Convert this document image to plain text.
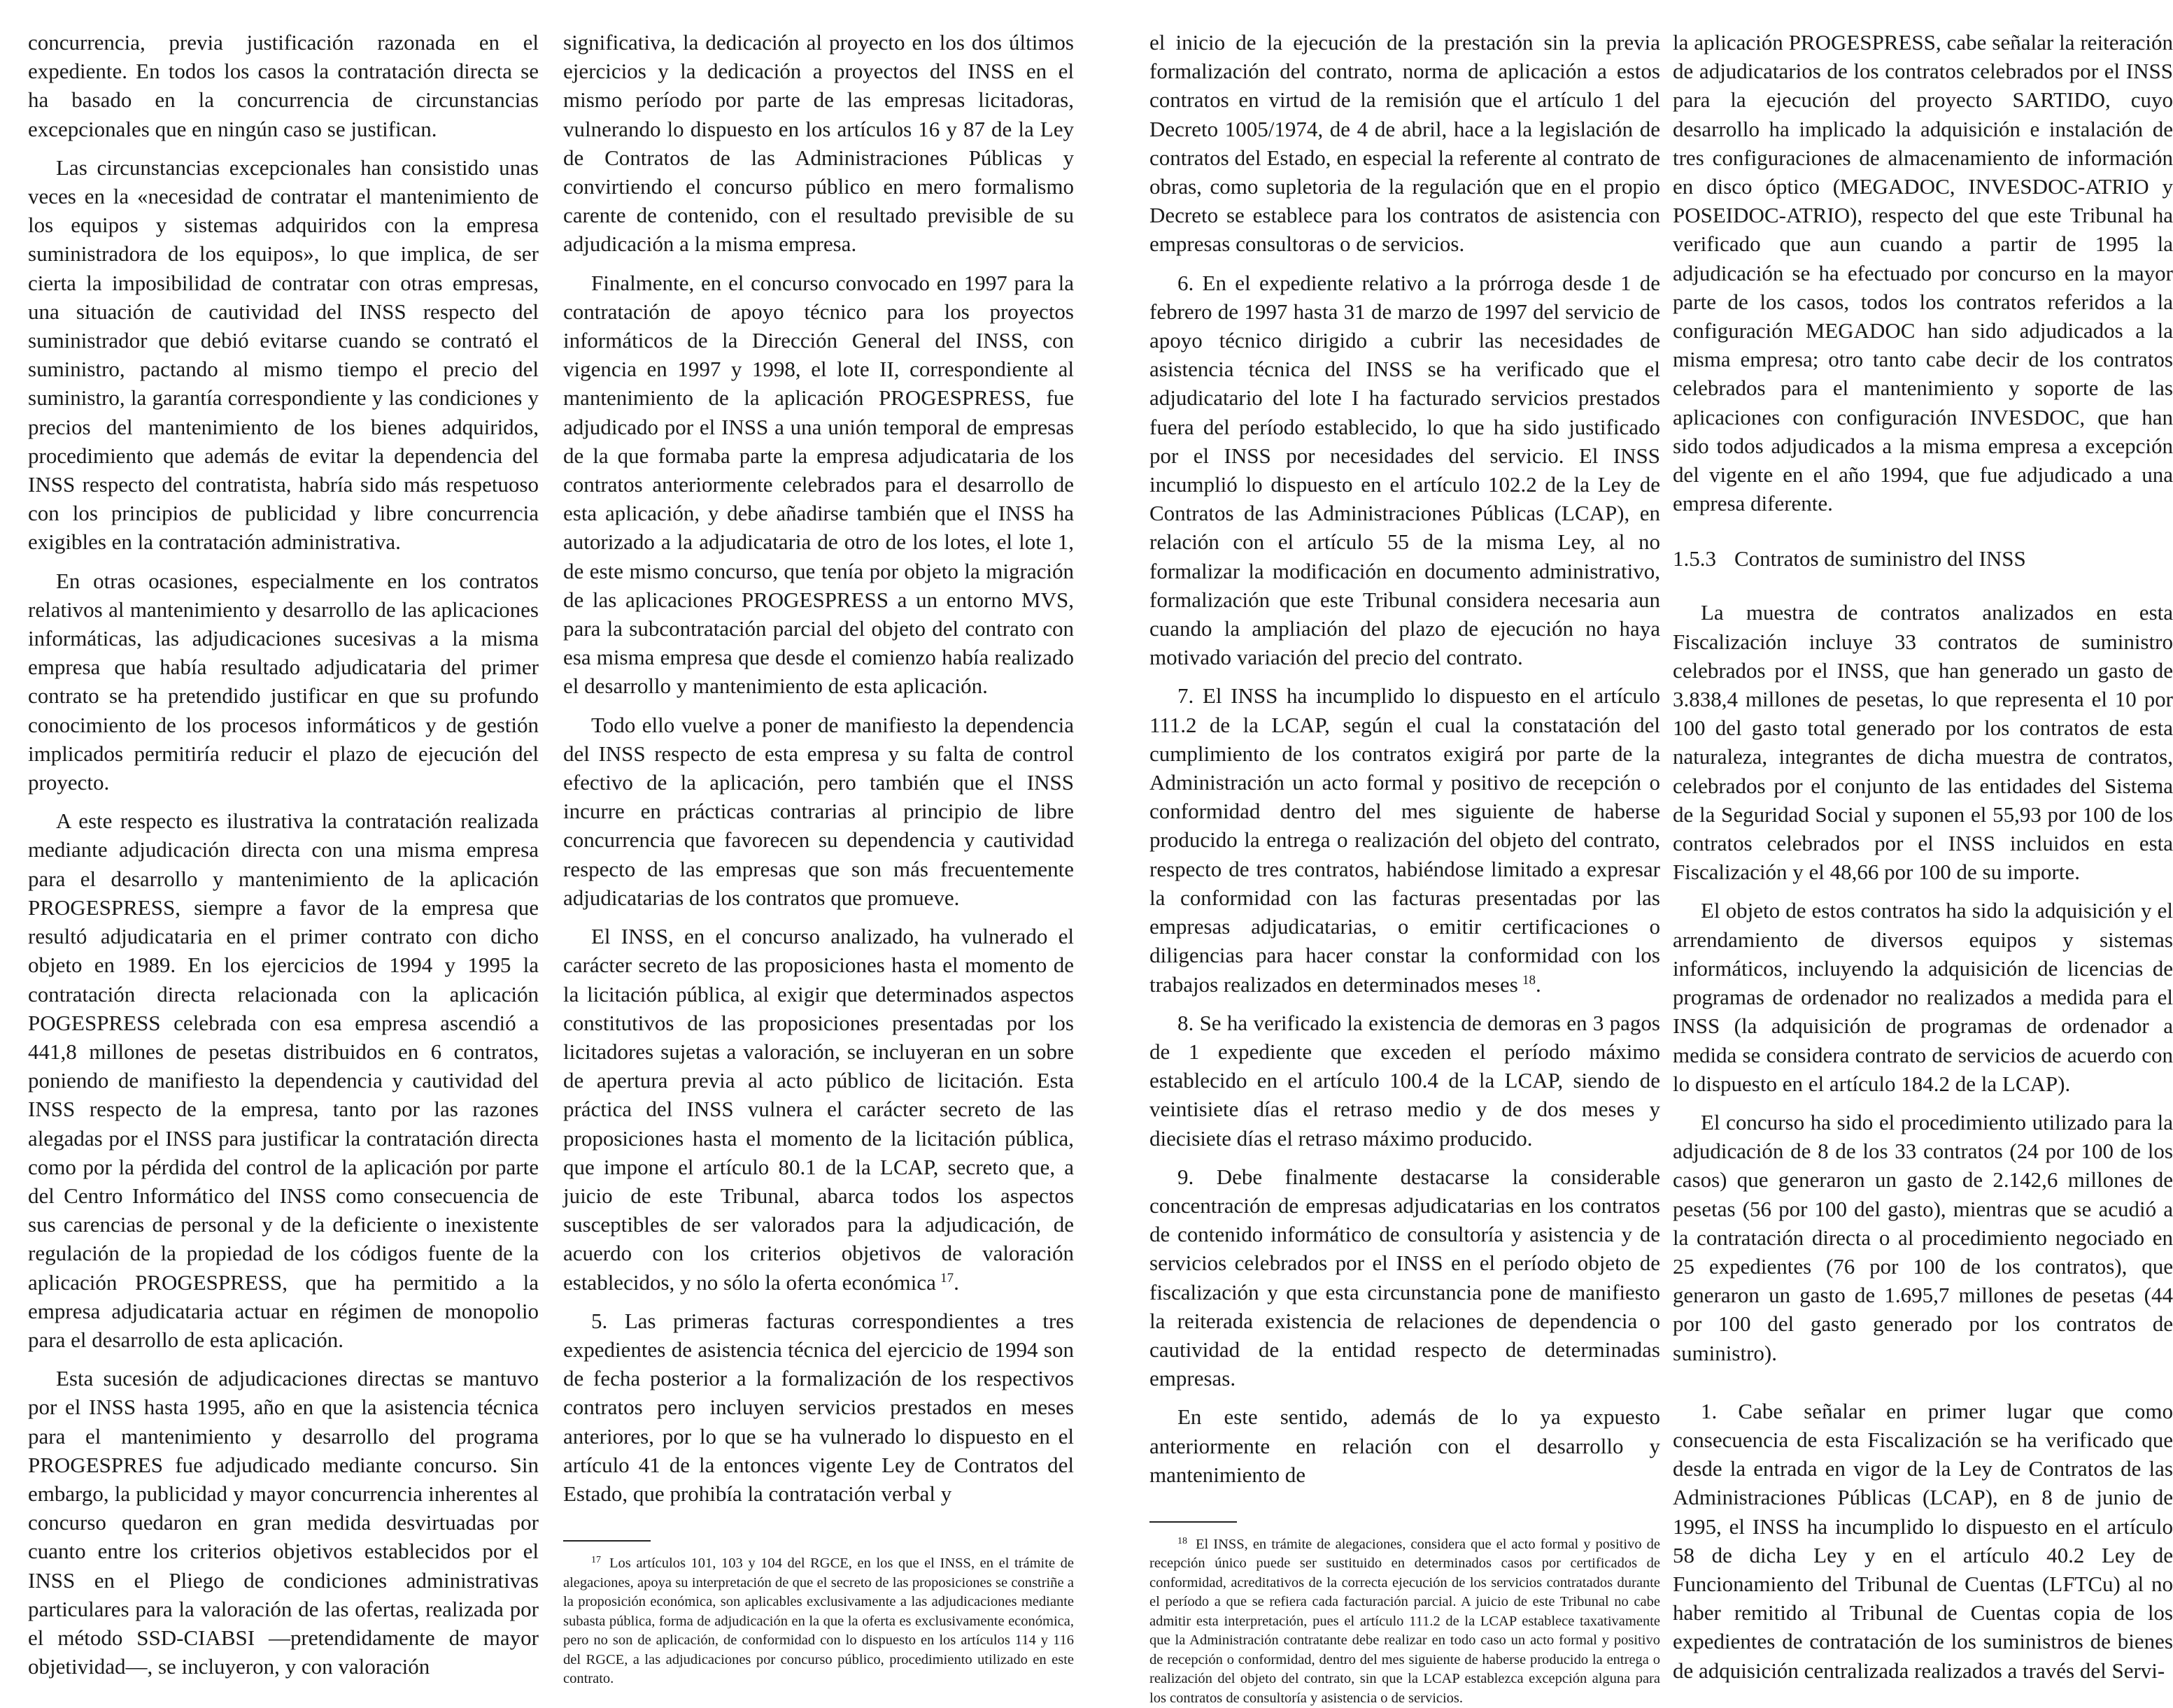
concurrencia, previa justificación razonada en el expediente. En todos los casos la contratación directa se ha basado en la concurrencia de circunstancias excepcionales que en ningún caso se justifican.

Las circunstancias excepcionales han consistido unas veces en la «necesidad de contratar el mantenimiento de los equipos y sistemas adquiridos con la empresa suministradora de los equipos», lo que implica, de ser cierta la imposibilidad de contratar con otras empresas, una situación de cautividad del INSS respecto del suministrador que debió evitarse cuando se contrató el suministro, pactando al mismo tiempo el precio del suministro, la garantía correspondiente y las condiciones y precios del mantenimiento de los bienes adquiridos, procedimiento que además de evitar la dependencia del INSS respecto del contratista, habría sido más respetuoso con los principios de publicidad y libre concurrencia exigibles en la contratación administrativa.

En otras ocasiones, especialmente en los contratos relativos al mantenimiento y desarrollo de las aplicaciones informáticas, las adjudicaciones sucesivas a la misma empresa que había resultado adjudicataria del primer contrato se ha pretendido justificar en que su profundo conocimiento de los procesos informáticos y de gestión implicados permitiría reducir el plazo de ejecución del proyecto.

A este respecto es ilustrativa la contratación realizada mediante adjudicación directa con una misma empresa para el desarrollo y mantenimiento de la aplicación PROGESPRESS, siempre a favor de la empresa que resultó adjudicataria en el primer contrato con dicho objeto en 1989. En los ejercicios de 1994 y 1995 la contratación directa relacionada con la aplicación POGESPRESS celebrada con esa empresa ascendió a 441,8 millones de pesetas distribuidos en 6 contratos, poniendo de manifiesto la dependencia y cautividad del INSS respecto de la empresa, tanto por las razones alegadas por el INSS para justificar la contratación directa como por la pérdida del control de la aplicación por parte del Centro Informático del INSS como consecuencia de sus carencias de personal y de la deficiente o inexistente regulación de la propiedad de los códigos fuente de la aplicación PROGESPRESS, que ha permitido a la empresa adjudicataria actuar en régimen de monopolio para el desarrollo de esta aplicación.

Esta sucesión de adjudicaciones directas se mantuvo por el INSS hasta 1995, año en que la asistencia técnica para el mantenimiento y desarrollo del programa PROGESPRES fue adjudicado mediante concurso. Sin embargo, la publicidad y mayor concurrencia inherentes al concurso quedaron en gran medida desvirtuadas por cuanto entre los criterios objetivos establecidos por el INSS en el Pliego de condiciones administrativas particulares para la valoración de las ofertas, realizada por el método SSD-CIABSI —pretendidamente de mayor objetividad—, se incluyeron, y con valoración

significativa, la dedicación al proyecto en los dos últimos ejercicios y la dedicación a proyectos del INSS en el mismo período por parte de las empresas licitadoras, vulnerando lo dispuesto en los artículos 16 y 87 de la Ley de Contratos de las Administraciones Públicas y convirtiendo el concurso público en mero formalismo carente de contenido, con el resultado previsible de su adjudicación a la misma empresa.

Finalmente, en el concurso convocado en 1997 para la contratación de apoyo técnico para los proyectos informáticos de la Dirección General del INSS, con vigencia en 1997 y 1998, el lote II, correspondiente al mantenimiento de la aplicación PROGESPRESS, fue adjudicado por el INSS a una unión temporal de empresas de la que formaba parte la empresa adjudicataria de los contratos anteriormente celebrados para el desarrollo de esta aplicación, y debe añadirse también que el INSS ha autorizado a la adjudicataria de otro de los lotes, el lote 1, de este mismo concurso, que tenía por objeto la migración de las aplicaciones PROGESPRESS a un entorno MVS, para la subcontratación parcial del objeto del contrato con esa misma empresa que desde el comienzo había realizado el desarrollo y mantenimiento de esta aplicación.

Todo ello vuelve a poner de manifiesto la dependencia del INSS respecto de esta empresa y su falta de control efectivo de la aplicación, pero también que el INSS incurre en prácticas contrarias al principio de libre concurrencia que favorecen su dependencia y cautividad respecto de las empresas que son más frecuentemente adjudicatarias de los contratos que promueve.

El INSS, en el concurso analizado, ha vulnerado el carácter secreto de las proposiciones hasta el momento de la licitación pública, al exigir que determinados aspectos constitutivos de las proposiciones presentadas por los licitadores sujetas a valoración, se incluyeran en un sobre de apertura previa al acto público de licitación. Esta práctica del INSS vulnera el carácter secreto de las proposiciones hasta el momento de la licitación pública, que impone el artículo 80.1 de la LCAP, secreto que, a juicio de este Tribunal, abarca todos los aspectos susceptibles de ser valorados para la adjudicación, de acuerdo con los criterios objetivos de valoración establecidos, y no sólo la oferta económica  $^{17}$.

5. Las primeras facturas correspondientes a tres expedientes de asistencia técnica del ejercicio de 1994 son de fecha posterior a la formalización de los respectivos contratos pero incluyen servicios prestados en meses anteriores, por lo que se ha vulnerado lo dispuesto en el artículo 41 de la entonces vigente Ley de Contratos del Estado, que prohibía la contratación verbal y

$^{17}$ Los artículos 101, 103 y 104 del RGCE, en los que el INSS, en el trámite de alegaciones, apoya su interpretación de que el secreto de las proposiciones se constriñe a la proposición económica, son aplicables exclusivamente a las adjudicaciones mediante subasta pública, forma de adjudicación en la que la oferta es exclusivamente económica, pero no son de aplicación, de conformidad con lo dispuesto en los artículos 114 y 116 del RGCE, a las adjudicaciones por concurso público, procedimiento utilizado en este contrato.

el inicio de la ejecución de la prestación sin la previa formalización del contrato, norma de aplicación a estos contratos en virtud de la remisión que el artículo 1 del Decreto 1005/1974, de 4 de abril, hace a la legislación de contratos del Estado, en especial la referente al contrato de obras, como supletoria de la regulación que en el propio Decreto se establece para los contratos de asistencia con empresas consultoras o de servicios.

6. En el expediente relativo a la prórroga desde 1 de febrero de 1997 hasta 31 de marzo de 1997 del servicio de apoyo técnico dirigido a cubrir las necesidades de asistencia técnica del INSS se ha verificado que el adjudicatario del lote I ha facturado servicios prestados fuera del período establecido, lo que ha sido justificado por el INSS por necesidades del servicio. El INSS incumplió lo dispuesto en el artículo 102.2 de la Ley de Contratos de las Administraciones Públicas (LCAP), en relación con el artículo 55 de la misma Ley, al no formalizar la modificación en documento administrativo, formalización que este Tribunal considera necesaria aun cuando la ampliación del plazo de ejecución no haya motivado variación del precio del contrato.

7. El INSS ha incumplido lo dispuesto en el artículo 111.2 de la LCAP, según el cual la constatación del cumplimiento de los contratos exigirá por parte de la Administración un acto formal y positivo de recepción o conformidad dentro del mes siguiente de haberse producido la entrega o realización del objeto del contrato, respecto de tres contratos, habiéndose limitado a expresar la conformidad con las facturas presentadas por las empresas adjudicatarias, o emitir certificaciones o diligencias para hacer constar la conformidad con los trabajos realizados en determinados meses  $^{18}$.

8. Se ha verificado la existencia de demoras en 3 pagos de 1 expediente que exceden el período máximo establecido en el artículo 100.4 de la LCAP, siendo de veintisiete días el retraso medio y de dos meses y diecisiete días el retraso máximo producido.

9. Debe finalmente destacarse la considerable concentración de empresas adjudicatarias en los contratos de contenido informático de consultoría y asistencia y de servicios celebrados por el INSS en el período objeto de fiscalización y que esta circunstancia pone de manifiesto la reiterada existencia de relaciones de dependencia o cautividad de la entidad respecto de determinadas empresas.

En este sentido, además de lo ya expuesto anteriormente en relación con el desarrollo y mantenimiento de

$^{18}$ El INSS, en trámite de alegaciones, considera que el acto formal y positivo de recepción único puede ser sustituido en determinados casos por certificados de conformidad, acreditativos de la correcta ejecución de los servicios contratados durante el período a que se refiera cada facturación parcial. A juicio de este Tribunal no cabe admitir esta interpretación, pues el artículo 111.2 de la LCAP establece taxativamente que la Administración contratante debe realizar en todo caso un acto formal y positivo de recepción o conformidad, dentro del mes siguiente de haberse producido la entrega o realización del objeto del contrato, sin que la LCAP establezca excepción alguna para los contratos de consultoría y asistencia o de servicios.

la aplicación PROGESPRESS, cabe señalar la reiteración de adjudicatarios de los contratos celebrados por el INSS para la ejecución del proyecto SARTIDO, cuyo desarrollo ha implicado la adquisición e instalación de tres configuraciones de almacenamiento de información en disco óptico (MEGADOC, INVESDOC-ATRIO y POSEIDOC-ATRIO), respecto del que este Tribunal ha verificado que aun cuando a partir de 1995 la adjudicación se ha efectuado por concurso en la mayor parte de los casos, todos los contratos referidos a la configuración MEGADOC han sido adjudicados a la misma empresa; otro tanto cabe decir de los contratos celebrados para el mantenimiento y soporte de las aplicaciones con configuración INVESDOC, que han sido todos adjudicados a la misma empresa a excepción del vigente en el año 1994, que fue adjudicado a una empresa diferente.

1.5.3 Contratos de suministro del INSS

La muestra de contratos analizados en esta Fiscalización incluye 33 contratos de suministro celebrados por el INSS, que han generado un gasto de 3.838,4 millones de pesetas, lo que representa el 10 por 100 del gasto total generado por los contratos de esta naturaleza, integrantes de dicha muestra de contratos, celebrados por el conjunto de las entidades del Sistema de la Seguridad Social y suponen el 55,93 por 100 de los contratos celebrados por el INSS incluidos en esta Fiscalización y el 48,66 por 100 de su importe.

El objeto de estos contratos ha sido la adquisición y el arrendamiento de diversos equipos y sistemas informáticos, incluyendo la adquisición de licencias de programas de ordenador no realizados a medida para el INSS (la adquisición de programas de ordenador a medida se considera contrato de servicios de acuerdo con lo dispuesto en el artículo 184.2 de la LCAP).

El concurso ha sido el procedimiento utilizado para la adjudicación de 8 de los 33 contratos (24 por 100 de los casos) que generaron un gasto de 2.142,6 millones de pesetas (56 por 100 del gasto), mientras que se acudió a la contratación directa o al procedimiento negociado en 25 expedientes (76 por 100 de los contratos), que generaron un gasto de 1.695,7 millones de pesetas (44 por 100 del gasto generado por los contratos de suministro).

1. Cabe señalar en primer lugar que como consecuencia de esta Fiscalización se ha verificado que desde la entrada en vigor de la Ley de Contratos de las Administraciones Públicas (LCAP), en 8 de junio de 1995, el INSS ha incumplido lo dispuesto en el artículo 58 de dicha Ley y en el artículo 40.2 Ley de Funcionamiento del Tribunal de Cuentas (LFTCu) al no haber remitido al Tribunal de Cuentas copia de los expedientes de contratación de los suministros de bienes de adquisición centralizada realizados a través del Servi-
